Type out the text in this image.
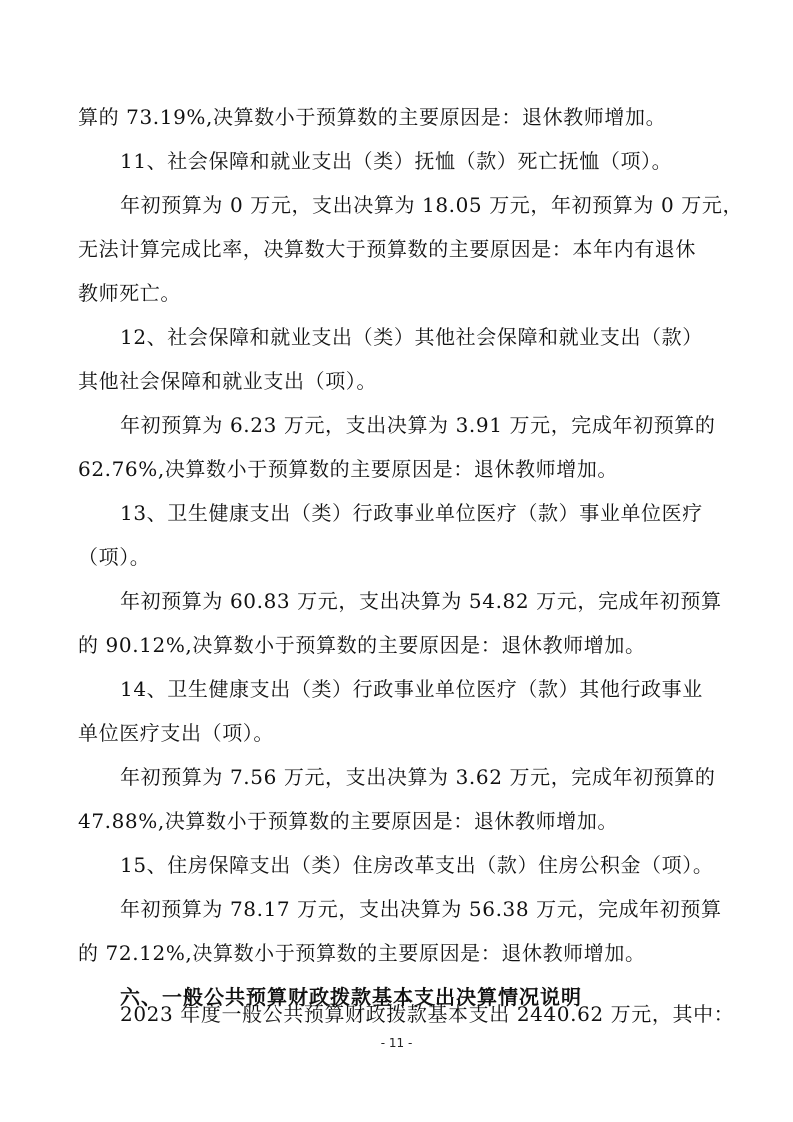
算的 73.19%,决算数小于预算数的主要原因是：退休教师增加。
11、社会保障和就业支出（类）抚恤（款）死亡抚恤（项）。
年初预算为 0 万元，支出决算为 18.05 万元，年初预算为 0 万元，
无法计算完成比率，决算数大于预算数的主要原因是：本年内有退休
教师死亡。
12、社会保障和就业支出（类）其他社会保障和就业支出（款）
其他社会保障和就业支出（项）。
年初预算为 6.23 万元，支出决算为 3.91 万元，完成年初预算的
62.76%,决算数小于预算数的主要原因是：退休教师增加。
13、卫生健康支出（类）行政事业单位医疗（款）事业单位医疗
（项）。
年初预算为 60.83 万元，支出决算为 54.82 万元，完成年初预算
的 90.12%,决算数小于预算数的主要原因是：退休教师增加。
14、卫生健康支出（类）行政事业单位医疗（款）其他行政事业
单位医疗支出（项）。
年初预算为 7.56 万元，支出决算为 3.62 万元，完成年初预算的
47.88%,决算数小于预算数的主要原因是：退休教师增加。
15、住房保障支出（类）住房改革支出（款）住房公积金（项）。
年初预算为 78.17 万元，支出决算为 56.38 万元，完成年初预算
的 72.12%,决算数小于预算数的主要原因是：退休教师增加。
六、一般公共预算财政拨款基本支出决算情况说明
2023 年度一般公共预算财政拨款基本支出 2440.62 万元，其中：
- 11 -
